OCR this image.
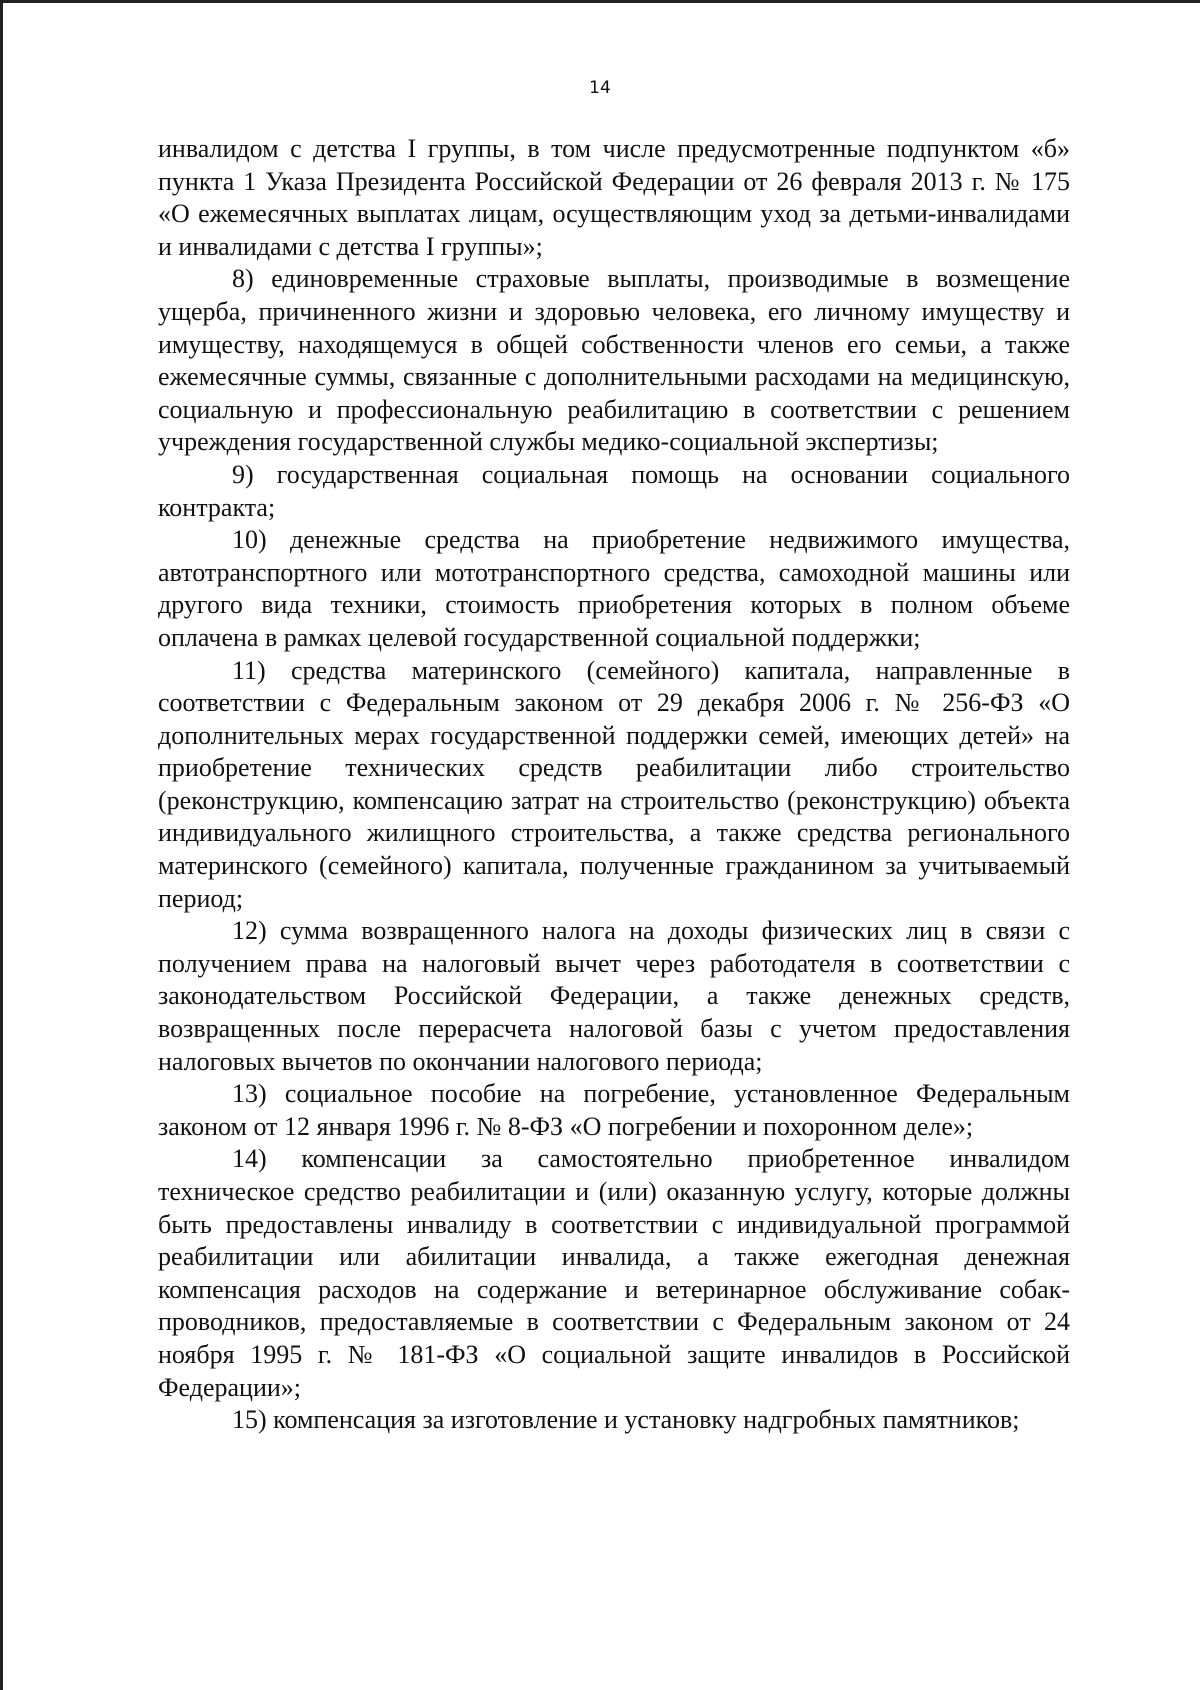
14

инвалидом с детства I группы, в том числе предусмотренные подпунктом «б» пункта 1 Указа Президента Российской Федерации от 26 февраля 2013 г. № 175 «О ежемесячных выплатах лицам, осуществляющим уход за детьми-инвалидами и инвалидами с детства I группы»;

8) единовременные страховые выплаты, производимые в возмещение ущерба, причиненного жизни и здоровью человека, его личному имуществу и имуществу, находящемуся в общей собственности членов его семьи, а также ежемесячные суммы, связанные с дополнительными расходами на медицинскую, социальную и профессиональную реабилитацию в соответствии с решением учреждения государственной службы медико-социальной экспертизы;

9) государственная социальная помощь на основании социального контракта;

10) денежные средства на приобретение недвижимого имущества, автотранспортного или мототранспортного средства, самоходной машины или другого вида техники, стоимость приобретения которых в полном объеме оплачена в рамках целевой государственной социальной поддержки;

11) средства материнского (семейного) капитала, направленные в соответствии с Федеральным законом от 29 декабря 2006 г. № 256-ФЗ «О дополнительных мерах государственной поддержки семей, имеющих детей» на приобретение технических средств реабилитации либо строительство (реконструкцию, компенсацию затрат на строительство (реконструкцию) объекта индивидуального жилищного строительства, а также средства регионального материнского (семейного) капитала, полученные гражданином за учитываемый период;

12) сумма возвращенного налога на доходы физических лиц в связи с получением права на налоговый вычет через работодателя в соответствии с законодательством Российской Федерации, а также денежных средств, возвращенных после перерасчета налоговой базы с учетом предоставления налоговых вычетов по окончании налогового периода;

13) социальное пособие на погребение, установленное Федеральным законом от 12 января 1996 г. № 8-ФЗ «О погребении и похоронном деле»;

14) компенсации за самостоятельно приобретенное инвалидом техническое средство реабилитации и (или) оказанную услугу, которые должны быть предоставлены инвалиду в соответствии с индивидуальной программой реабилитации или абилитации инвалида, а также ежегодная денежная компенсация расходов на содержание и ветеринарное обслуживание собак-проводников, предоставляемые в соответствии с Федеральным законом от 24 ноября 1995 г. № 181-ФЗ «О социальной защите инвалидов в Российской Федерации»;

15) компенсация за изготовление и установку надгробных памятников;
